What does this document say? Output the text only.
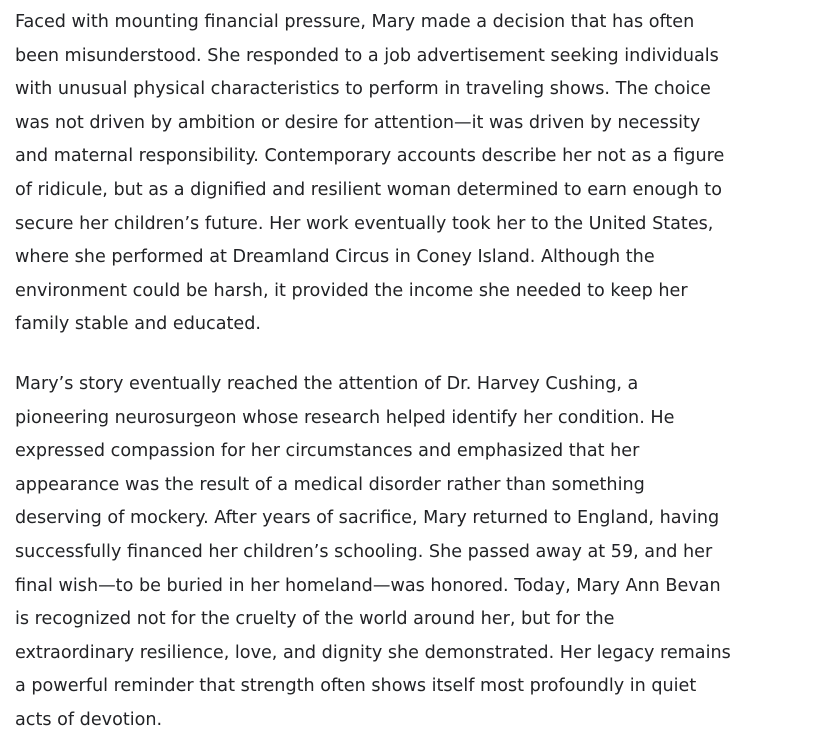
Faced with mounting financial pressure, Mary made a decision that has often
been misunderstood. She responded to a job advertisement seeking individuals
with unusual physical characteristics to perform in traveling shows. The choice
was not driven by ambition or desire for attention—it was driven by necessity
and maternal responsibility. Contemporary accounts describe her not as a figure
of ridicule, but as a dignified and resilient woman determined to earn enough to
secure her children’s future. Her work eventually took her to the United States,
where she performed at Dreamland Circus in Coney Island. Although the
environment could be harsh, it provided the income she needed to keep her
family stable and educated.
Mary’s story eventually reached the attention of Dr. Harvey Cushing, a
pioneering neurosurgeon whose research helped identify her condition. He
expressed compassion for her circumstances and emphasized that her
appearance was the result of a medical disorder rather than something
deserving of mockery. After years of sacrifice, Mary returned to England, having
successfully financed her children’s schooling. She passed away at 59, and her
final wish—to be buried in her homeland—was honored. Today, Mary Ann Bevan
is recognized not for the cruelty of the world around her, but for the
extraordinary resilience, love, and dignity she demonstrated. Her legacy remains
a powerful reminder that strength often shows itself most profoundly in quiet
acts of devotion.
